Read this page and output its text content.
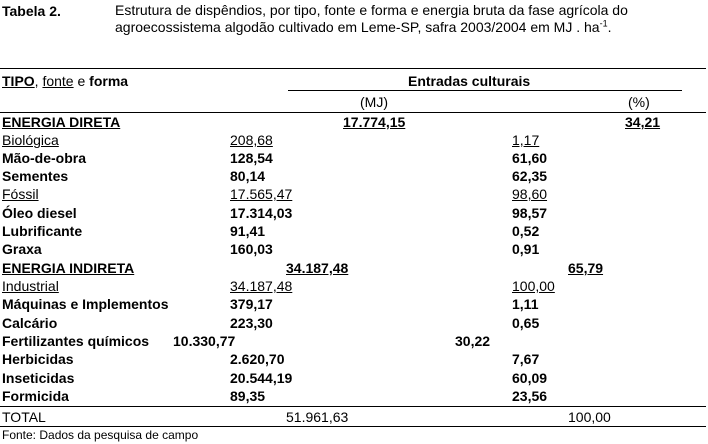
Tabela 2.	Estrutura de dispêndios, por tipo, fonte e forma e energia bruta da fase agrícola do agroecossistema algodão cultivado em Leme-SP, safra 2003/2004 em MJ . $ha^{-1}$.
TIPO, fonte e forma	Entradas culturais
(MJ)	(%)
ENERGIA DIRETA	17.774,15	34,21
Biológica	208,68	1,17
Mão-de-obra	128,54	61,60
Sementes	80,14	62,35
Fóssil	17.565,47	98,60
Óleo diesel	17.314,03	98,57
Lubrificante	91,41	0,52
Graxa	160,03	0,91
ENERGIA INDIRETA	34.187,48	65,79
Industrial	34.187,48	100,00
Máquinas e Implementos	379,17	1,11
Calcário	223,30	0,65
Fertilizantes químicos 10.330,77	30,22
Herbicidas	2.620,70	7,67
Inseticidas	20.544,19	60,09
Formicida	89,35	23,56
TOTAL	51.961,63	100,00
Fonte: Dados da pesquisa de campo
